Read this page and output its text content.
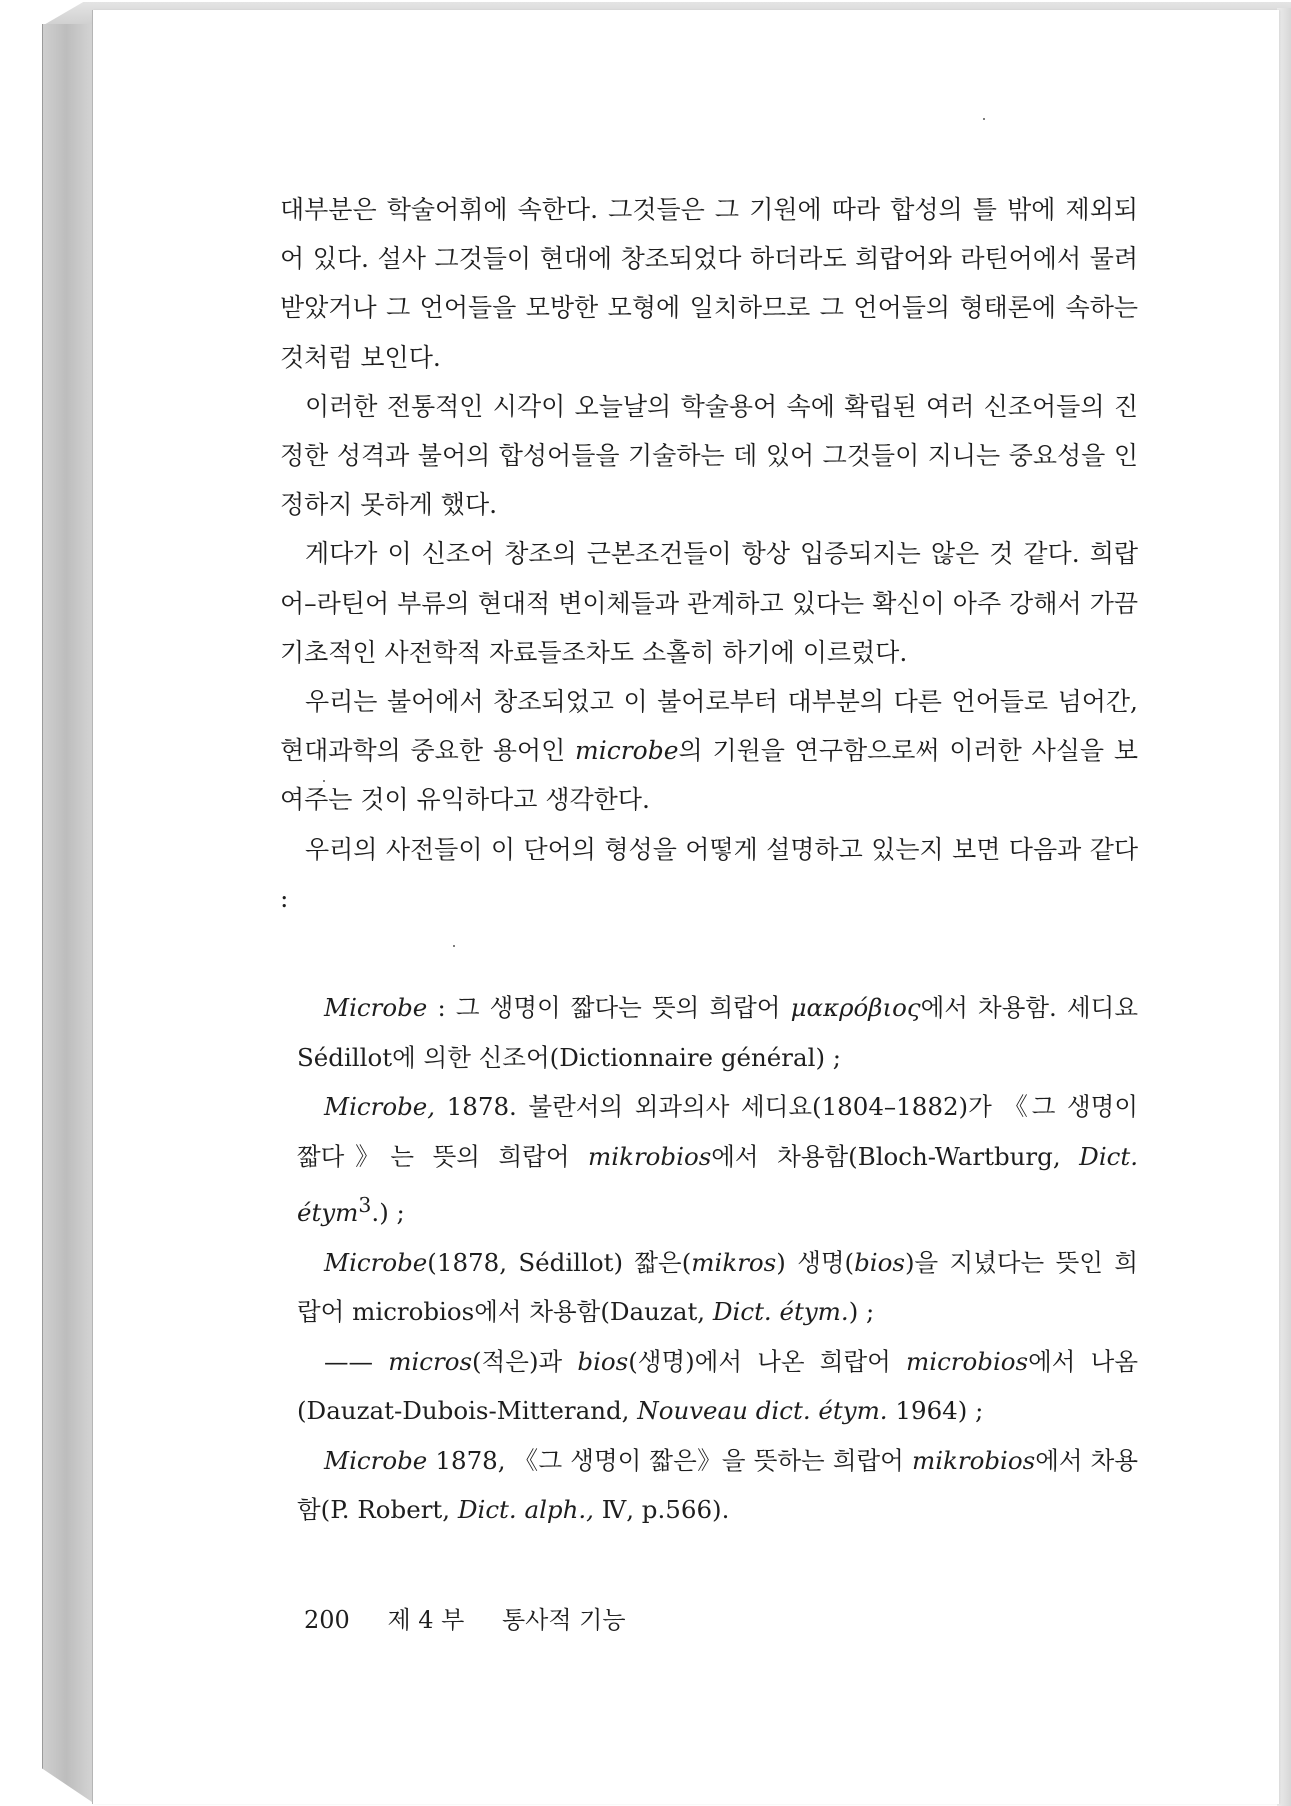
대부분은 학술어휘에 속한다. 그것들은 그 기원에 따라 합성의 틀 밖에 제외되어 있다. 설사 그것들이 현대에 창조되었다 하더라도 희랍어와 라틴어에서 물려받았거나 그 언어들을 모방한 모형에 일치하므로 그 언어들의 형태론에 속하는 것처럼 보인다.

이러한 전통적인 시각이 오늘날의 학술용어 속에 확립된 여러 신조어들의 진정한 성격과 불어의 합성어들을 기술하는 데 있어 그것들이 지니는 중요성을 인정하지 못하게 했다.

게다가 이 신조어 창조의 근본조건들이 항상 입증되지는 않은 것 같다. 희랍어–라틴어 부류의 현대적 변이체들과 관계하고 있다는 확신이 아주 강해서 가끔 기초적인 사전학적 자료들조차도 소홀히 하기에 이르렀다.

우리는 불어에서 창조되었고 이 불어로부터 대부분의 다른 언어들로 넘어간, 현대과학의 중요한 용어인 microbe의 기원을 연구함으로써 이러한 사실을 보여주는 것이 유익하다고 생각한다.

우리의 사전들이 이 단어의 형성을 어떻게 설명하고 있는지 보면 다음과 같다 :

Microbe : 그 생명이 짧다는 뜻의 희랍어 μακρόβιος에서 차용함. 세디요 Sédillot에 의한 신조어(Dictionnaire général) ;

Microbe, 1878. 불란서의 외과의사 세디요(1804–1882)가 《그 생명이 짧다》는 뜻의 희랍어 mikrobios에서 차용함(Bloch-Wartburg, Dict. étym$^3$.) ;

Microbe(1878, Sédillot) 짧은(mikros) 생명(bios)을 지녔다는 뜻인 희랍어 microbios에서 차용함(Dauzat, Dict. étym.) ;

—— micros(적은)과 bios(생명)에서 나온 희랍어 microbios에서 나옴 (Dauzat-Dubois-Mitterand, Nouveau dict. étym. 1964) ;

Microbe 1878, 《그 생명이 짧은》을 뜻하는 희랍어 mikrobios에서 차용함(P. Robert, Dict. alph., Ⅳ, p.566).

200 제 4 부 통사적 기능
